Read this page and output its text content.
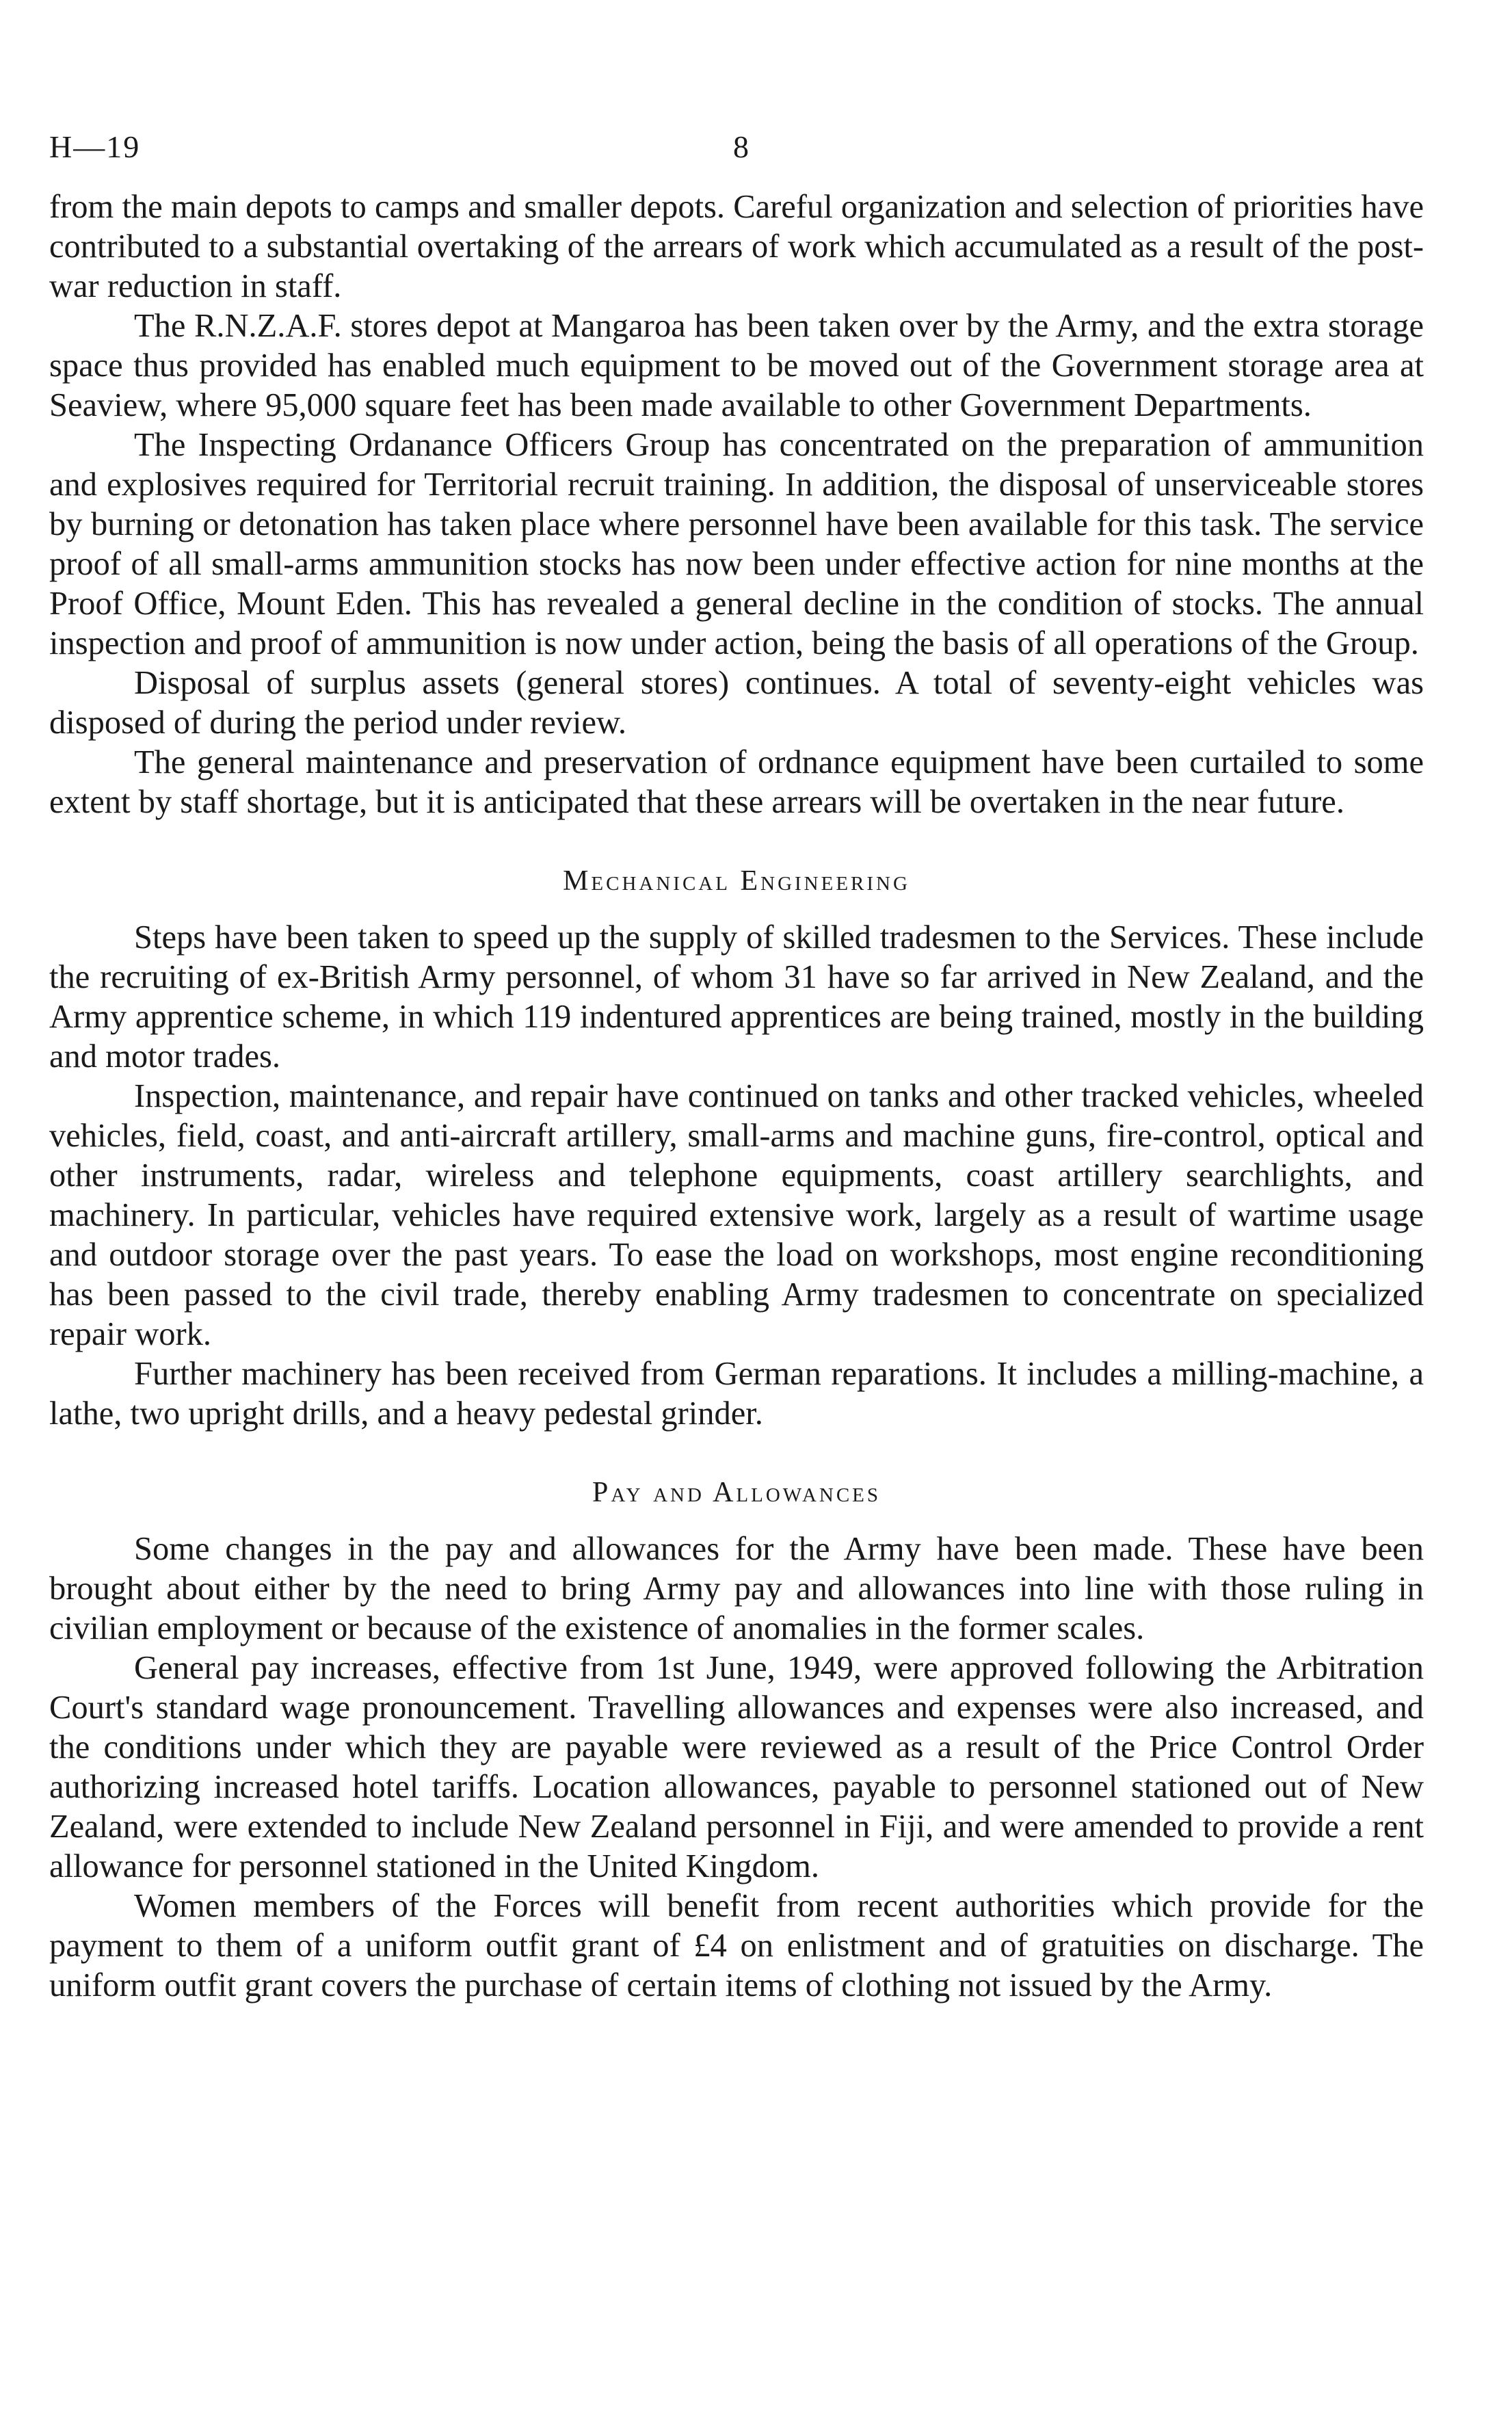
H—19	8

from the main depots to camps and smaller depots. Careful organization and selection of priorities have contributed to a substantial overtaking of the arrears of work which accumulated as a result of the post-war reduction in staff.

The R.N.Z.A.F. stores depot at Mangaroa has been taken over by the Army, and the extra storage space thus provided has enabled much equipment to be moved out of the Government storage area at Seaview, where 95,000 square feet has been made available to other Government Departments.

The Inspecting Ordanance Officers Group has concentrated on the preparation of ammunition and explosives required for Territorial recruit training. In addition, the disposal of unserviceable stores by burning or detonation has taken place where personnel have been available for this task. The service proof of all small-arms ammunition stocks has now been under effective action for nine months at the Proof Office, Mount Eden. This has revealed a general decline in the condition of stocks. The annual inspection and proof of ammunition is now under action, being the basis of all operations of the Group.

Disposal of surplus assets (general stores) continues. A total of seventy-eight vehicles was disposed of during the period under review.

The general maintenance and preservation of ordnance equipment have been curtailed to some extent by staff shortage, but it is anticipated that these arrears will be overtaken in the near future.

Mechanical Engineering

Steps have been taken to speed up the supply of skilled tradesmen to the Services. These include the recruiting of ex-British Army personnel, of whom 31 have so far arrived in New Zealand, and the Army apprentice scheme, in which 119 indentured apprentices are being trained, mostly in the building and motor trades.

Inspection, maintenance, and repair have continued on tanks and other tracked vehicles, wheeled vehicles, field, coast, and anti-aircraft artillery, small-arms and machine guns, fire-control, optical and other instruments, radar, wireless and telephone equipments, coast artillery searchlights, and machinery. In particular, vehicles have required extensive work, largely as a result of wartime usage and outdoor storage over the past years. To ease the load on workshops, most engine reconditioning has been passed to the civil trade, thereby enabling Army tradesmen to concentrate on specialized repair work.

Further machinery has been received from German reparations. It includes a milling-machine, a lathe, two upright drills, and a heavy pedestal grinder.

Pay and Allowances

Some changes in the pay and allowances for the Army have been made. These have been brought about either by the need to bring Army pay and allowances into line with those ruling in civilian employment or because of the existence of anomalies in the former scales.

General pay increases, effective from 1st June, 1949, were approved following the Arbitration Court's standard wage pronouncement. Travelling allowances and expenses were also increased, and the conditions under which they are payable were reviewed as a result of the Price Control Order authorizing increased hotel tariffs. Location allowances, payable to personnel stationed out of New Zealand, were extended to include New Zealand personnel in Fiji, and were amended to provide a rent allowance for personnel stationed in the United Kingdom.

Women members of the Forces will benefit from recent authorities which provide for the payment to them of a uniform outfit grant of £4 on enlistment and of gratuities on discharge. The uniform outfit grant covers the purchase of certain items of clothing not issued by the Army.
